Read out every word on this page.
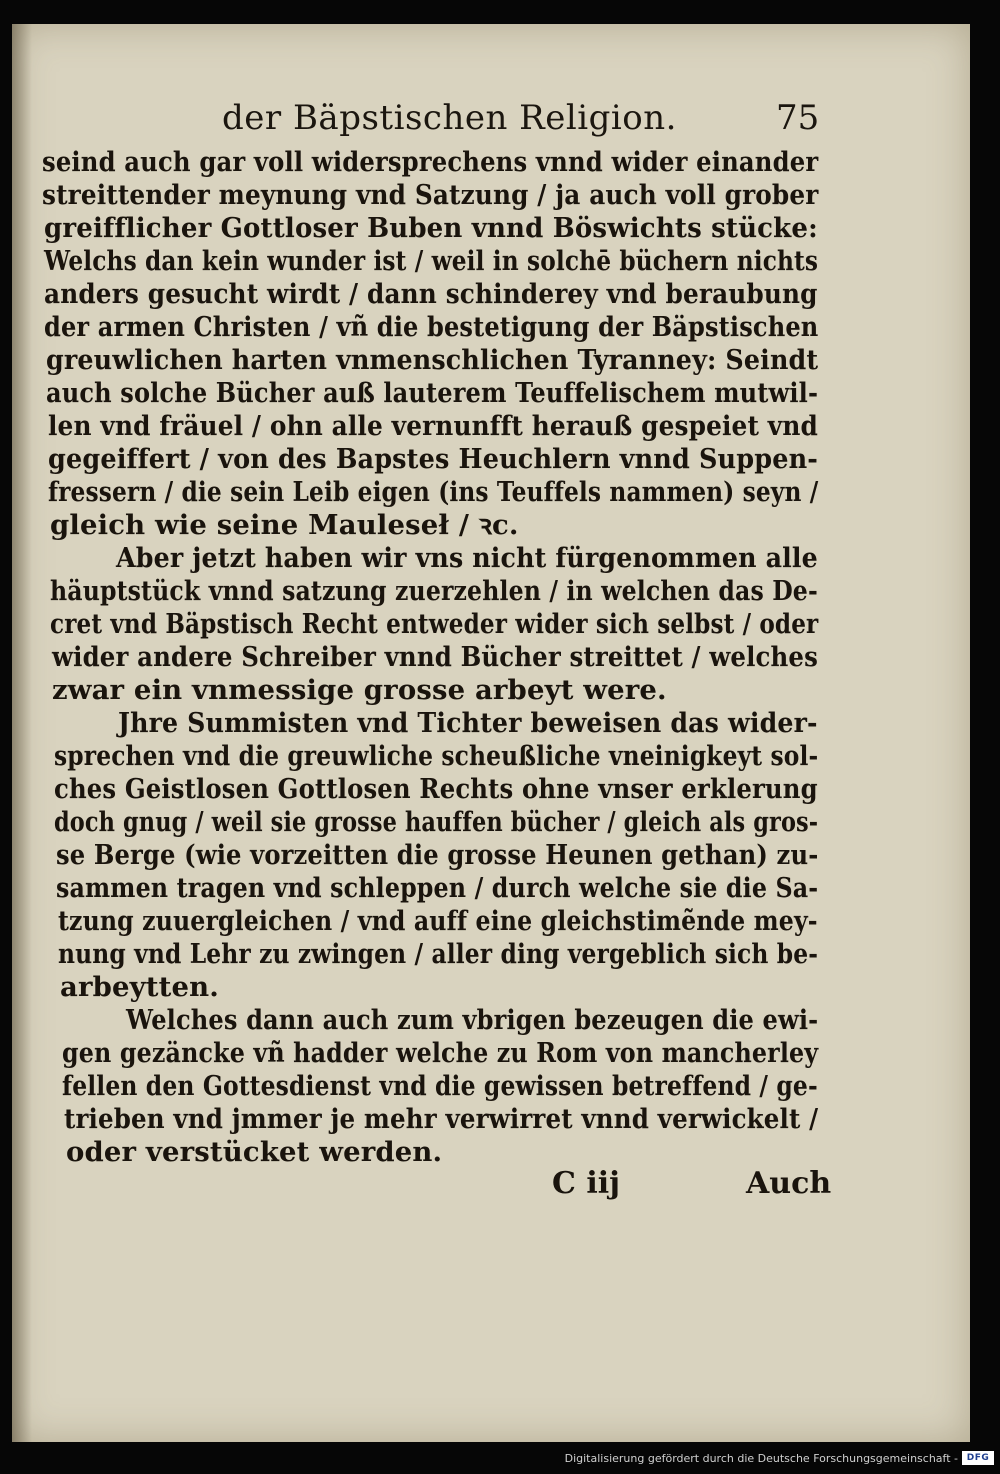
der Bäpstischen Religion.	75
seind auch gar voll widersprechens vnnd wider einander
streittender meynung vnd Satzung / ja auch voll grober
greifflicher Gottloser Buben vnnd Böswichts stücke:
Welchs dan kein wunder ist / weil in solchē büchern nichts
anders gesucht wirdt / dann schinderey vnd beraubung
der armen Christen / vñ die bestetigung der Bäpstischen
greuwlichen harten vnmenschlichen Tyranney: Seindt
auch solche Bücher auß lauterem Teuffelischem mutwil-
len vnd fräuel / ohn alle vernunfft herauß gespeiet vnd
gegeiffert / von des Bapstes Heuchlern vnnd Suppen-
fressern / die sein Leib eigen (ins Teuffels nammen) seyn /
gleich wie seine Mauleseł / ꝛc.
Aber jetzt haben wir vns nicht fürgenommen alle
häuptstück vnnd satzung zuerzehlen / in welchen das De-
cret vnd Bäpstisch Recht entweder wider sich selbst / oder
wider andere Schreiber vnnd Bücher streittet / welches
zwar ein vnmessige grosse arbeyt were.
Jhre Summisten vnd Tichter beweisen das wider-
sprechen vnd die greuwliche scheußliche vneinigkeyt sol-
ches Geistlosen Gottlosen Rechts ohne vnser erklerung
doch gnug / weil sie grosse hauffen bücher / gleich als gros-
se Berge (wie vorzeitten die grosse Heunen gethan) zu-
sammen tragen vnd schleppen / durch welche sie die Sa-
tzung zuuergleichen / vnd auff eine gleichstimẽnde mey-
nung vnd Lehr zu zwingen / aller ding vergeblich sich be-
arbeytten.
Welches dann auch zum vbrigen bezeugen die ewi-
gen gezäncke vñ hadder welche zu Rom von mancherley
fellen den Gottesdienst vnd die gewissen betreffend / ge-
trieben vnd jmmer je mehr verwirret vnnd verwickelt /
oder verstücket werden.
C iij	Auch
Digitalisierung gefördert durch die Deutsche Forschungsgemeinschaft - DFG
